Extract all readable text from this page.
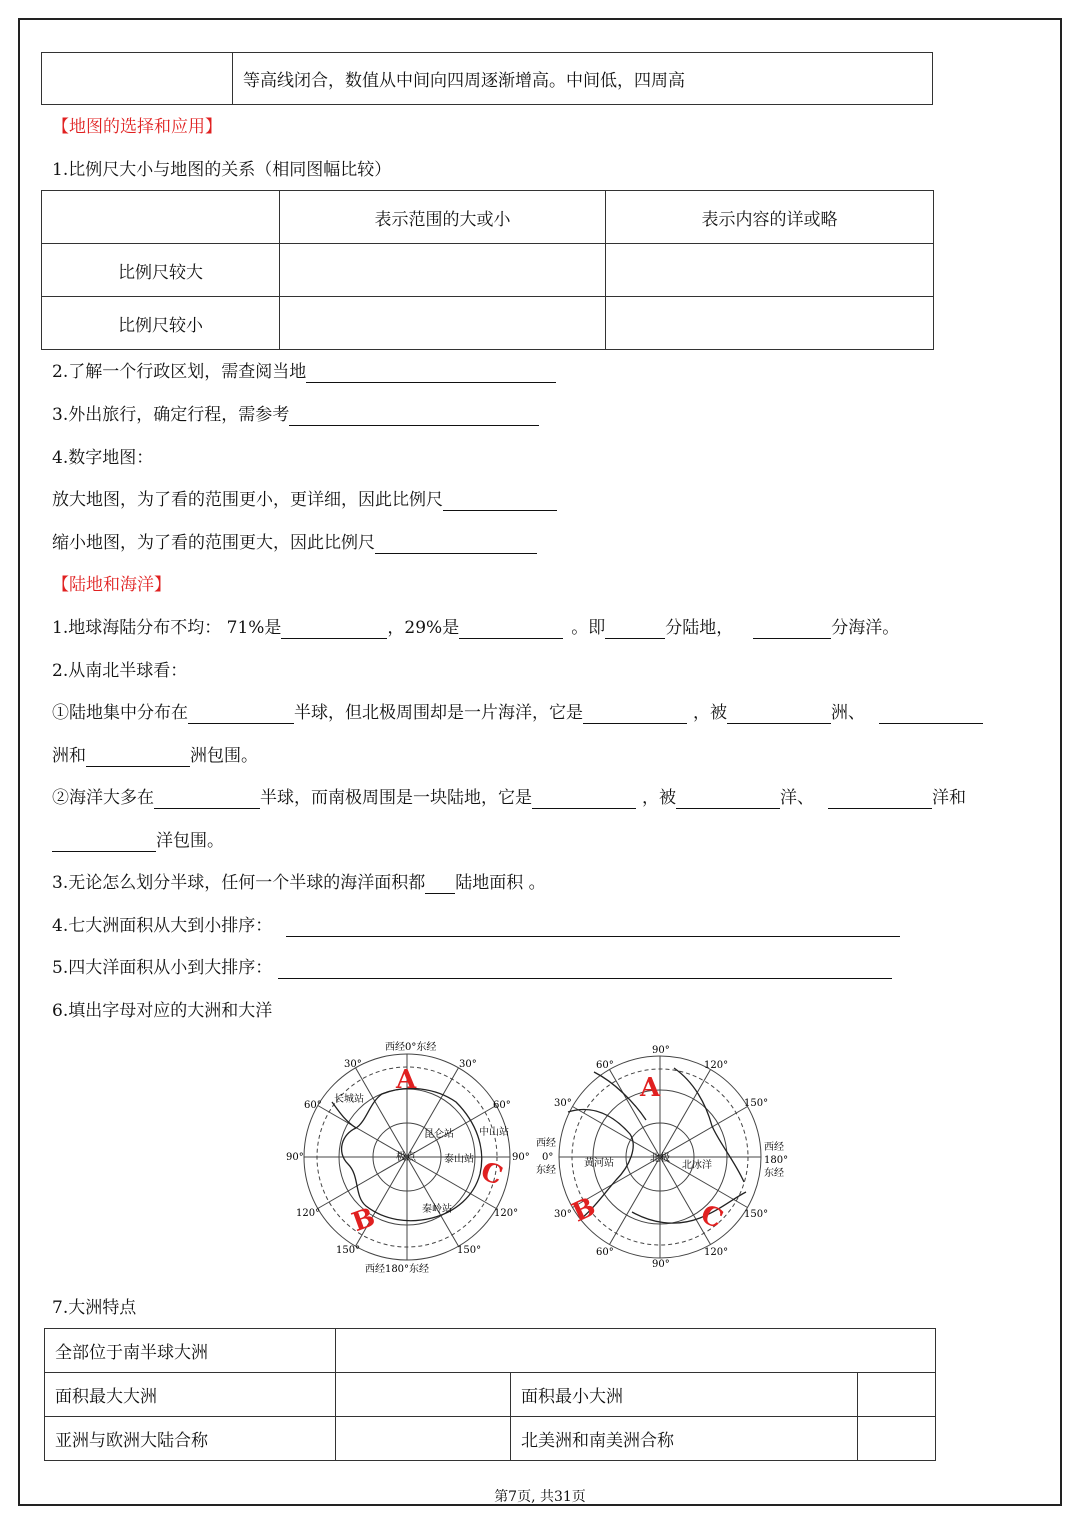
	等高线闭合，数值从中间向四周逐渐增高。中间低，四周高
【地图的选择和应用】
1.比例尺大小与地图的关系（相同图幅比较）
	表示范围的大或小	表示内容的详或略
比例尺较大		
比例尺较小		
2.了解一个行政区划，需查阅当地
3.外出旅行，确定行程，需参考
4.数字地图：
放大地图，为了看的范围更小，更详细，因此比例尺
缩小地图，为了看的范围更大，因此比例尺
【陆地和海洋】
1.地球海陆分布不均： 71%是	，29%是	。即	分陆地，	分海洋。
2.从南北半球看：
①陆地集中分布在	半球，但北极周围却是一片海洋，它是	，被	洲、
洲和	洲包围。
②海洋大多在	半球，而南极周围是一块陆地，它是	，被	洋、	洋和
洋包围。
3.无论怎么划分半球，任何一个半球的海洋面积都 陆地面积 。
4.七大洲面积从大到小排序：
5.四大洋面积从小到大排序：
6.填出字母对应的大洲和大洋
西经0°东经
西经180°东经
30°	30°
60°	60°
90°	90°
120°	120°
150°	150°
长城站
昆仑站	中山站
泰山站
极点
秦岭站
A
B
C
90°
90°
60°
60°
120°
120°
30°
30°
150°
150°
西经
0°
东经
西经
180°
东经
黄河站	北极
北冰洋
A
B	C
7.大洲特点
全部位于南半球大洲			
面积最大大洲		面积最小大洲	
亚洲与欧洲大陆合称		北美洲和南美洲合称	
第7页, 共31页
